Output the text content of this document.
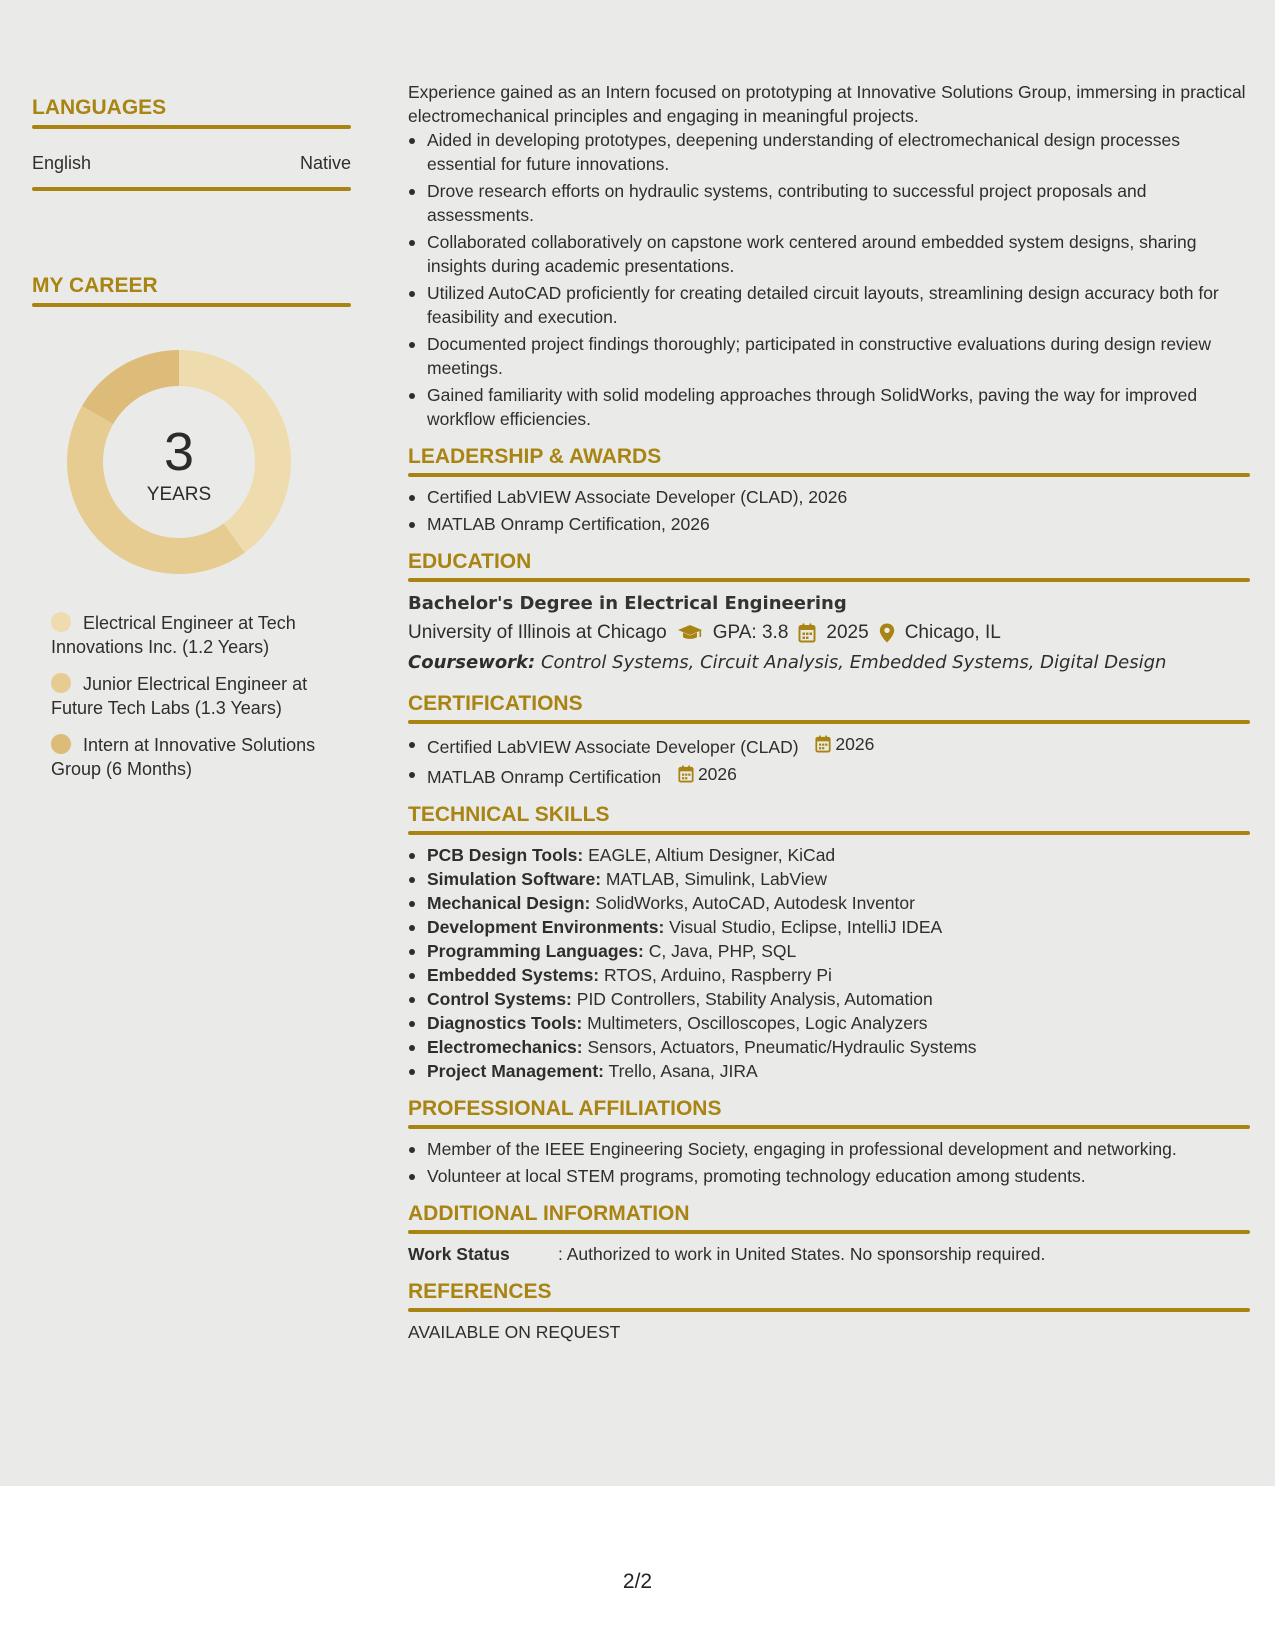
LANGUAGES
English	Native
MY CAREER
3
YEARS
Electrical Engineer at Tech Innovations Inc. (1.2 Years)
Junior Electrical Engineer at Future Tech Labs (1.3 Years)
Intern at Innovative Solutions Group (6 Months)
Experience gained as an Intern focused on prototyping at Innovative Solutions Group, immersing in practical electromechanical principles and engaging in meaningful projects.
Aided in developing prototypes, deepening understanding of electromechanical design processes essential for future innovations.
Drove research efforts on hydraulic systems, contributing to successful project proposals and assessments.
Collaborated collaboratively on capstone work centered around embedded system designs, sharing insights during academic presentations.
Utilized AutoCAD proficiently for creating detailed circuit layouts, streamlining design accuracy both for feasibility and execution.
Documented project findings thoroughly; participated in constructive evaluations during design review meetings.
Gained familiarity with solid modeling approaches through SolidWorks, paving the way for improved workflow efficiencies.
LEADERSHIP & AWARDS
Certified LabVIEW Associate Developer (CLAD), 2026
MATLAB Onramp Certification, 2026
EDUCATION
Bachelor's Degree in Electrical Engineering
University of Illinois at Chicago GPA: 3.8 2025 Chicago, IL
Coursework: Control Systems, Circuit Analysis, Embedded Systems, Digital Design
CERTIFICATIONS
Certified LabVIEW Associate Developer (CLAD) 2026
MATLAB Onramp Certification 2026
TECHNICAL SKILLS
PCB Design Tools: EAGLE, Altium Designer, KiCad
Simulation Software: MATLAB, Simulink, LabView
Mechanical Design: SolidWorks, AutoCAD, Autodesk Inventor
Development Environments: Visual Studio, Eclipse, IntelliJ IDEA
Programming Languages: C, Java, PHP, SQL
Embedded Systems: RTOS, Arduino, Raspberry Pi
Control Systems: PID Controllers, Stability Analysis, Automation
Diagnostics Tools: Multimeters, Oscilloscopes, Logic Analyzers
Electromechanics: Sensors, Actuators, Pneumatic/Hydraulic Systems
Project Management: Trello, Asana, JIRA
PROFESSIONAL AFFILIATIONS
Member of the IEEE Engineering Society, engaging in professional development and networking.
Volunteer at local STEM programs, promoting technology education among students.
ADDITIONAL INFORMATION
Work Status	: Authorized to work in United States. No sponsorship required.
REFERENCES
AVAILABLE ON REQUEST
2/2
